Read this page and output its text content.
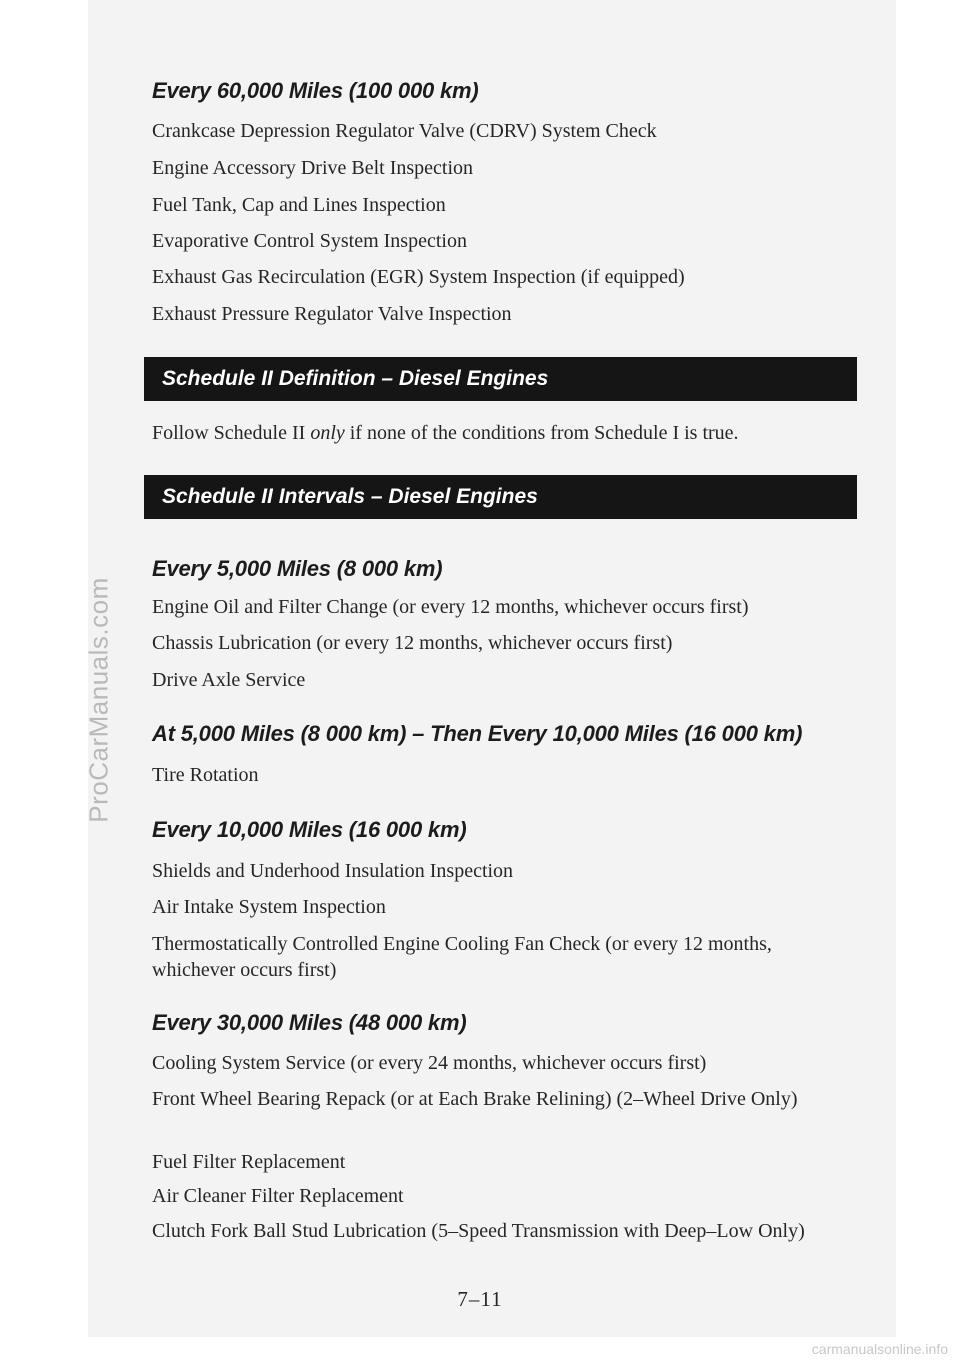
ProCarManuals.com
Every 60,000 Miles (100 000 km)
Crankcase Depression Regulator Valve (CDRV) System Check
Engine Accessory Drive Belt Inspection
Fuel Tank, Cap and Lines Inspection
Evaporative Control System Inspection
Exhaust Gas Recirculation (EGR) System Inspection (if equipped)
Exhaust Pressure Regulator Valve Inspection
Every 5,000 Miles (8 000 km)
Engine Oil and Filter Change (or every 12 months, whichever occurs first)
Chassis Lubrication (or every 12 months, whichever occurs first)
Drive Axle Service
At 5,000 Miles (8 000 km) – Then Every 10,000 Miles (16 000 km)
Tire Rotation
Every 10,000 Miles (16 000 km)
Shields and Underhood Insulation Inspection
Air Intake System Inspection
Thermostatically Controlled Engine Cooling Fan Check (or every 12 months, whichever occurs first)
Every 30,000 Miles (48 000 km)
Cooling System Service (or every 24 months, whichever occurs first)
Front Wheel Bearing Repack (or at Each Brake Relining) (2–Wheel Drive Only)
Fuel Filter Replacement
Air Cleaner Filter Replacement
Clutch Fork Ball Stud Lubrication (5–Speed Transmission with Deep–Low Only)
Schedule II Definition – Diesel Engines
Follow Schedule II only if none of the conditions from Schedule I is true.
Schedule II Intervals – Diesel Engines
7–11
carmanualsonline.info
